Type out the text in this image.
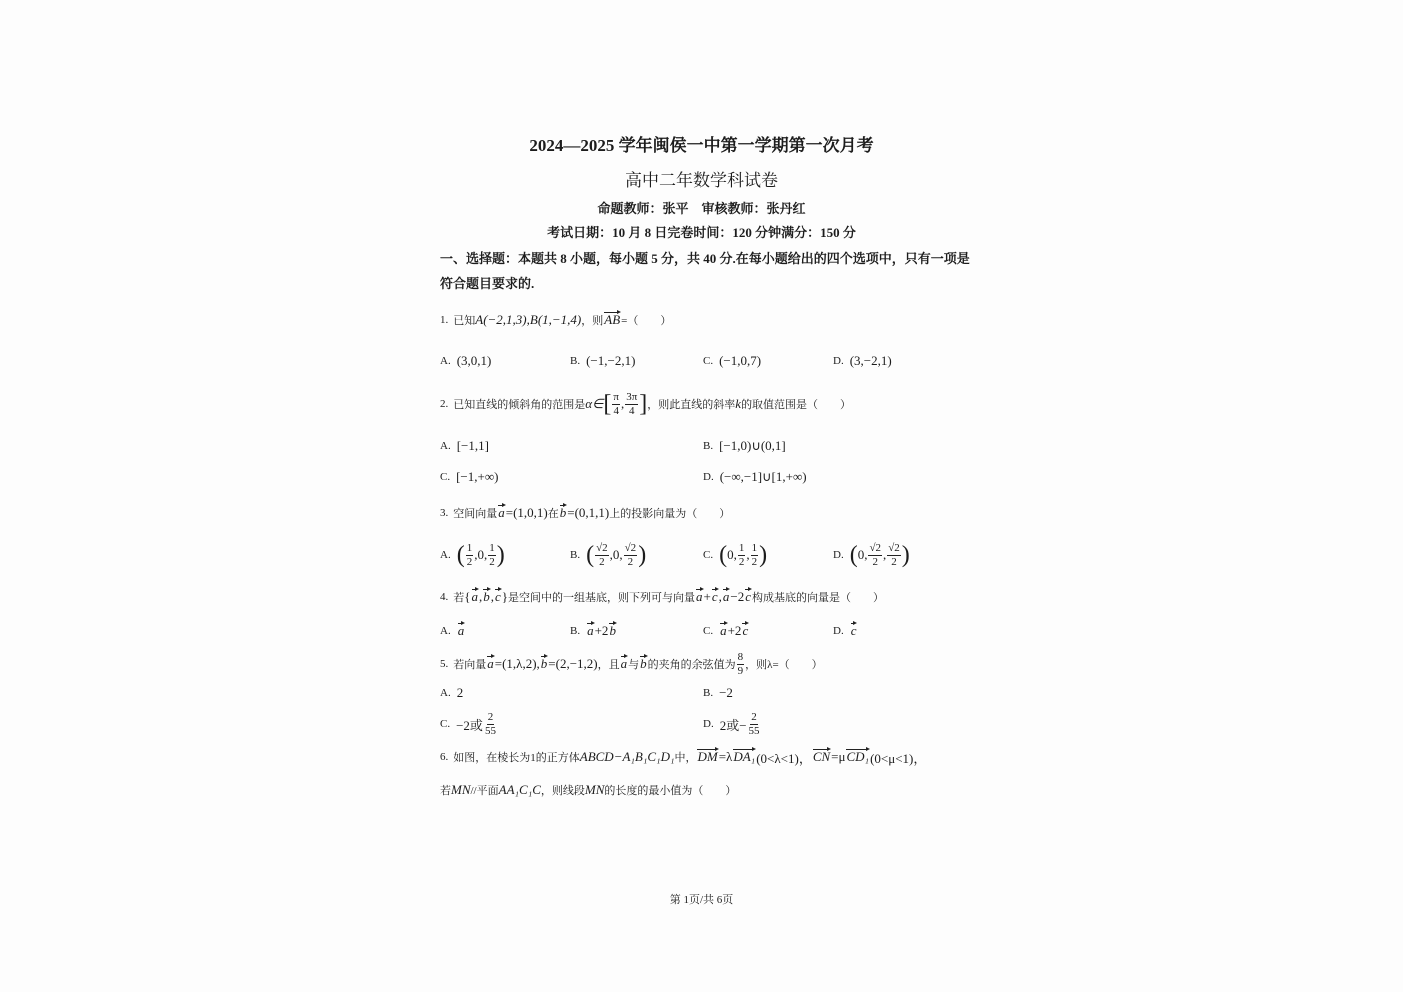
2024—2025 学年闽侯一中第一学期第一次月考
高中二年数学科试卷
命题教师：张平　审核教师：张丹红
考试日期：10 月 8 日完卷时间：120 分钟满分：150 分
一、选择题：本题共 8 小题，每小题 5 分，共 40 分.在每小题给出的四个选项中，只有一项是
符合题目要求的.
1. 已知 A(−2,1,3),B(1,−1,4) ，则 AB =（　　）
A. (3,0,1)	B. (−1,−2,1)	C. (−1,0,7)	D. (3,−2,1)
2. 已知直线的倾斜角的范围是 α∈ [ $\frac{\pi}{4}$ , $\frac{3\pi}{4}$ ] ，则此直线的斜率 k 的取值范围是（　　）
A. [−1,1]	B. [−1,0)∪(0,1]
C. [−1,+∞)	D. (−∞,−1]∪[1,+∞)
3. 空间向量 a =(1,0,1) 在 b =(0,1,1) 上的投影向量为（　　）
A. ( $\frac{1}{2} ,0$, $\frac{1}{2}$ )	B. ( $\frac{√2}{2} ,0$, $\frac{√2}{2}$ )	C. ( 0, $\frac{1}{2}$ , $\frac{1}{2}$ )	D. ( 0, $\frac{√2}{2}$ , $\frac{√2}{2}$ )
4. 若 { a , b , c } 是空间中的一组基底，则下列可与向量 a + c , a −2 c 构成基底的向量是（　　）
A. a	B. a +2 b	C. a +2 c	D. c
5. 若向量 a =(1,λ,2), b =(2,−1,2) ，且 a 与 b 的夹角的余弦值为 $\frac{8}{9}$ ，则λ=（　　）
A. 2	B. −2
C. −2或 $\frac{2}{55}$	D. 2或− $\frac{2}{55}$
6. 如图，在棱长为1的正方体 ABCD−A₁B₁C₁D₁ 中， DM =λ DA₁ (0<λ<1)， CN =μ CD₁ (0<μ<1)，
若 MN //平面 AA₁C₁C ，则线段 MN 的长度的最小值为（　　）
第 1页/共 6页
